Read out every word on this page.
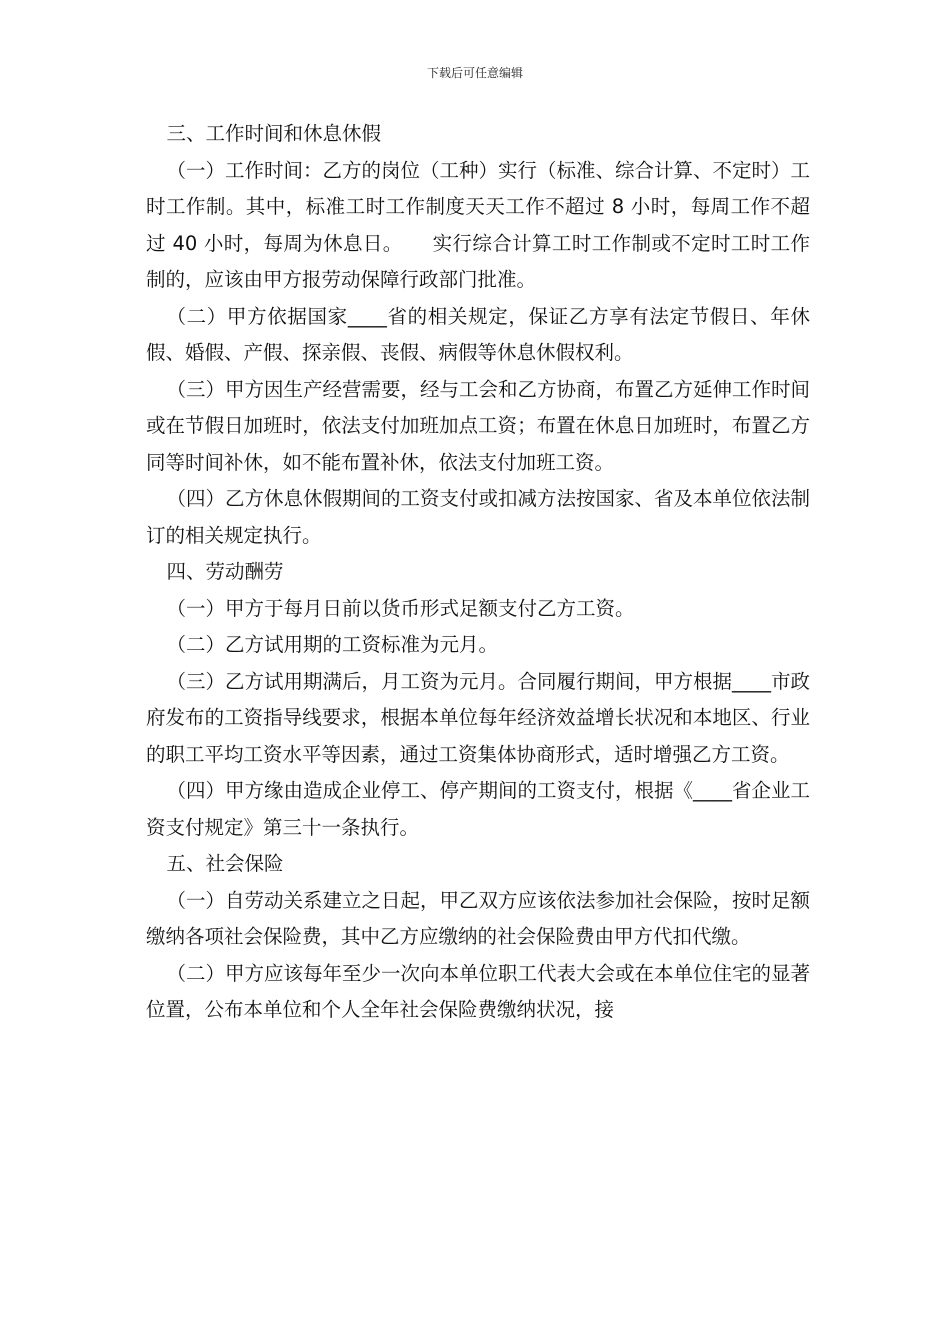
下载后可任意编辑

三、工作时间和休息休假

（一）工作时间：乙方的岗位（工种）实行（标准、综合计算、不定时）工时工作制。其中，标准工时工作制度天天工作不超过 8 小时，每周工作不超过 40 小时，每周为休息日。　　实行综合计算工时工作制或不定时工时工作制的，应该由甲方报劳动保障行政部门批准。

（二）甲方依据国家____省的相关规定，保证乙方享有法定节假日、年休假、婚假、产假、探亲假、丧假、病假等休息休假权利。

（三）甲方因生产经营需要，经与工会和乙方协商，布置乙方延伸工作时间或在节假日加班时，依法支付加班加点工资；布置在休息日加班时，布置乙方同等时间补休，如不能布置补休，依法支付加班工资。

（四）乙方休息休假期间的工资支付或扣减方法按国家、省及本单位依法制订的相关规定执行。

四、劳动酬劳

（一）甲方于每月日前以货币形式足额支付乙方工资。

（二）乙方试用期的工资标准为元月。

（三）乙方试用期满后，月工资为元月。合同履行期间，甲方根据____市政府发布的工资指导线要求，根据本单位每年经济效益增长状况和本地区、行业的职工平均工资水平等因素，通过工资集体协商形式，适时增强乙方工资。

（四）甲方缘由造成企业停工、停产期间的工资支付，根据《____省企业工资支付规定》第三十一条执行。

五、社会保险

（一）自劳动关系建立之日起，甲乙双方应该依法参加社会保险，按时足额缴纳各项社会保险费，其中乙方应缴纳的社会保险费由甲方代扣代缴。

（二）甲方应该每年至少一次向本单位职工代表大会或在本单位住宅的显著位置，公布本单位和个人全年社会保险费缴纳状况，接
